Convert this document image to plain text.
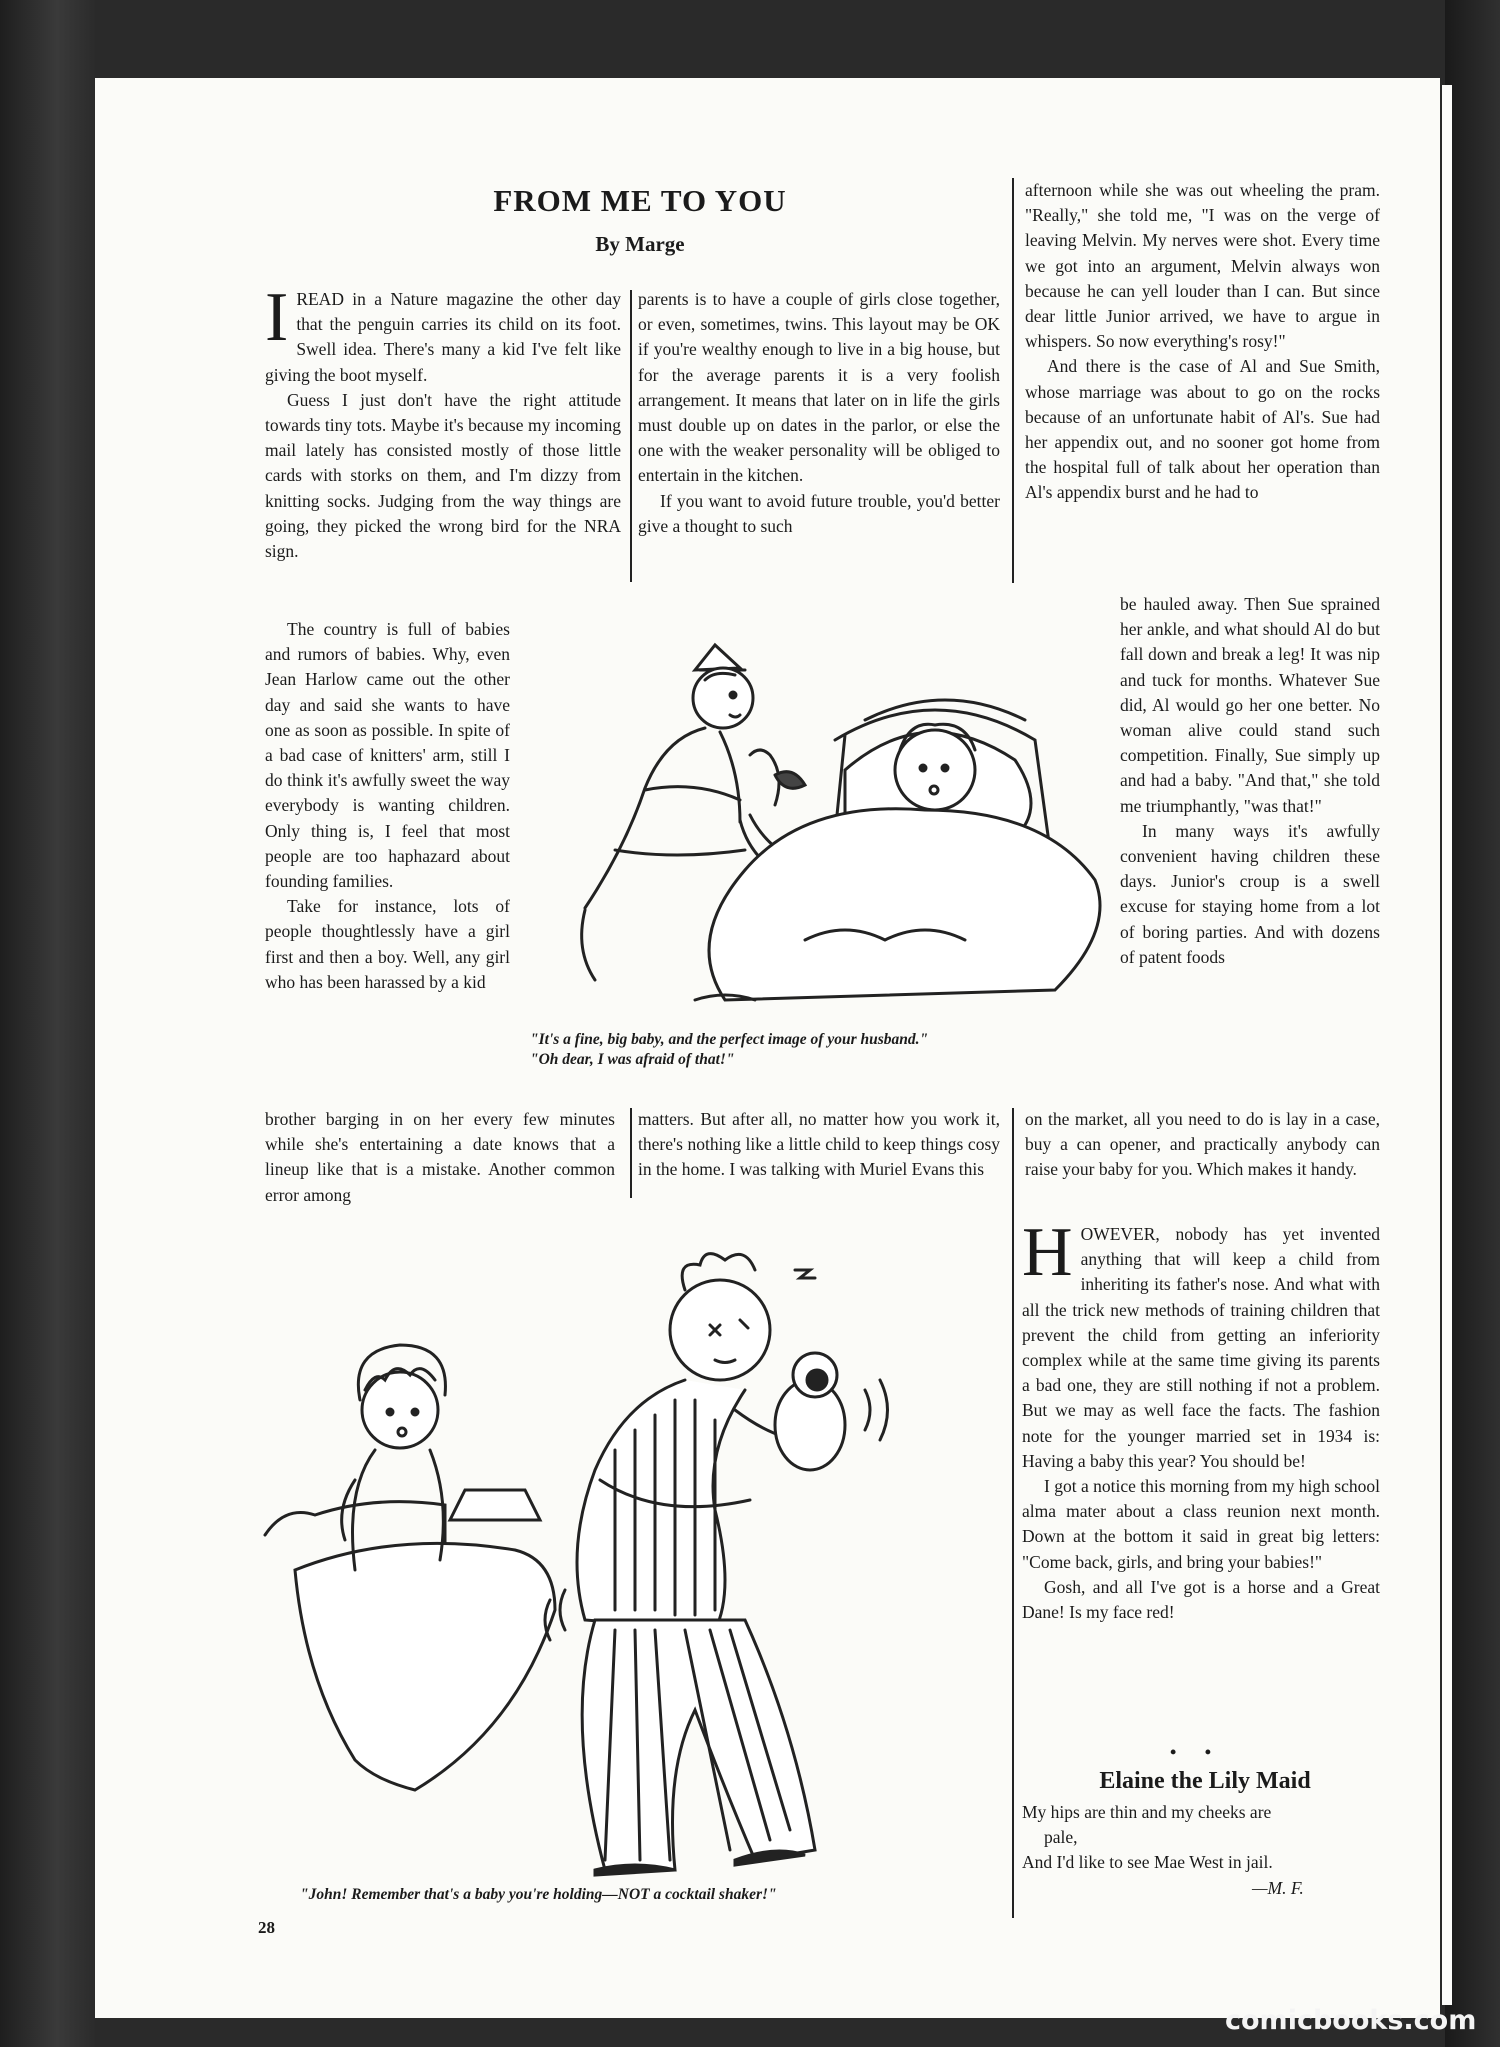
FROM ME TO YOU
By Marge

IREAD in a Nature magazine the other day that the penguin carries its child on its foot. Swell idea. There's many a kid I've felt like giving the boot myself.

Guess I just don't have the right attitude towards tiny tots. Maybe it's because my incoming mail lately has consisted mostly of those little cards with storks on them, and I'm dizzy from knitting socks. Judging from the way things are going, they picked the wrong bird for the NRA sign.

The country is full of babies and rumors of babies. Why, even Jean Harlow came out the other day and said she wants to have one as soon as possible. In spite of a bad case of knitters' arm, still I do think it's awfully sweet the way everybody is wanting children. Only thing is, I feel that most people are too haphazard about founding families.

Take for instance, lots of people thoughtlessly have a girl first and then a boy. Well, any girl who has been harassed by a kid

brother barging in on her every few minutes while she's entertaining a date knows that a lineup like that is a mistake. Another common error among

parents is to have a couple of girls close together, or even, sometimes, twins. This layout may be OK if you're wealthy enough to live in a big house, but for the average parents it is a very foolish arrangement. It means that later on in life the girls must double up on dates in the parlor, or else the one with the weaker personality will be obliged to entertain in the kitchen.

If you want to avoid future trouble, you'd better give a thought to such

matters. But after all, no matter how you work it, there's nothing like a little child to keep things cosy in the home. I was talking with Muriel Evans this

afternoon while she was out wheeling the pram. "Really," she told me, "I was on the verge of leaving Melvin. My nerves were shot. Every time we got into an argument, Melvin always won because he can yell louder than I can. But since dear little Junior arrived, we have to argue in whispers. So now everything's rosy!"

And there is the case of Al and Sue Smith, whose marriage was about to go on the rocks because of an unfortunate habit of Al's. Sue had her appendix out, and no sooner got home from the hospital full of talk about her operation than Al's appendix burst and he had to

be hauled away. Then Sue sprained her ankle, and what should Al do but fall down and break a leg! It was nip and tuck for months. Whatever Sue did, Al would go her one better. No woman alive could stand such competition. Finally, Sue simply up and had a baby. "And that," she told me triumphantly, "was that!"

In many ways it's awfully convenient having children these days. Junior's croup is a swell excuse for staying home from a lot of boring parties. And with dozens of patent foods

on the market, all you need to do is lay in a case, buy a can opener, and practically anybody can raise your baby for you. Which makes it handy.

HOWEVER, nobody has yet invented anything that will keep a child from inheriting its father's nose. And what with all the trick new methods of training children that prevent the child from getting an inferiority complex while at the same time giving its parents a bad one, they are still nothing if not a problem. But we may as well face the facts. The fashion note for the younger married set in 1934 is: Having a baby this year? You should be!

I got a notice this morning from my high school alma mater about a class reunion next month. Down at the bottom it said in great big letters: "Come back, girls, and bring your babies!"

Gosh, and all I've got is a horse and a Great Dane! Is my face red!

"It's a fine, big baby, and the perfect image of your husband."
"Oh dear, I was afraid of that!"
"John! Remember that's a baby you're holding—NOT a cocktail shaker!"
• •
Elaine the Lily Maid
My hips are thin and my cheeks are
pale,
And I'd like to see Mae West in jail.
—M. F.
28
comicbooks.com
